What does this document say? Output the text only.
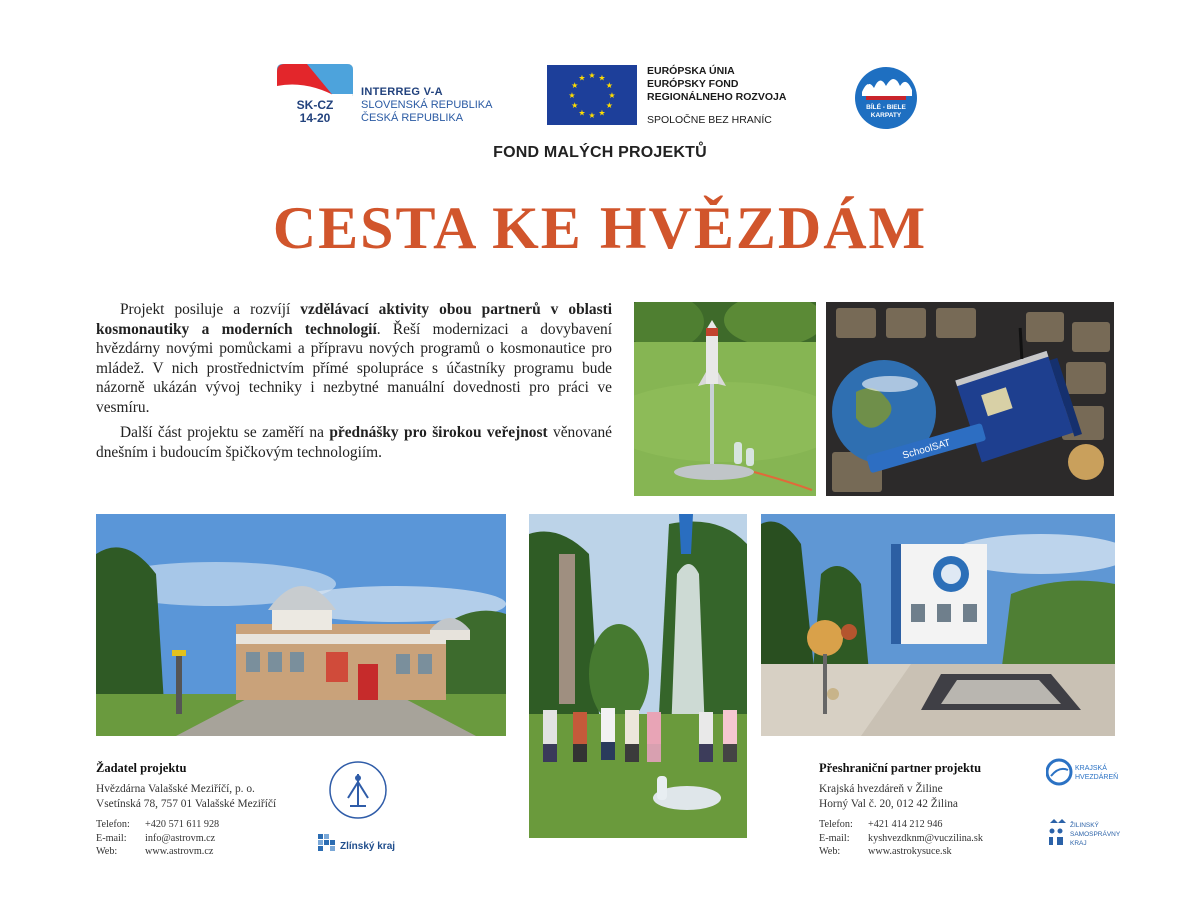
SK-CZ
14-20
INTERREG V-A
SLOVENSKÁ REPUBLIKA
ČESKÁ REPUBLIKA
★
★
★
★
★
★
★
★
★ ★ ★
★
EURÓPSKA ÚNIA
EURÓPSKY FOND
REGIONÁLNEHO ROZVOJA
SPOLOČNE BEZ HRANÍC
BÍLÉ - BIELE
KARPATY
FOND MALÝCH PROJEKTŮ
CESTA KE HVĚZDÁM

Projekt posiluje a rozvíjí vzdělávací aktivity obou partnerů v oblasti kosmonautiky a moderních technologií. Řeší modernizaci a dovybavení hvězdárny novými pomůckami a přípravu nových programů o kosmonautice pro mládež. V nich prostřednictvím přímé spolupráce s účastníky programu bude názorně ukázán vývoj techniky i nezbytné manuální dovednosti pro práci ve vesmíru.

Další část projektu se zaměří na přednášky pro širokou veřejnost věnované dnešním i budoucím špičkovým technologiím.	SchoolSAT
Žadatel projektu
Hvězdárna Valašské Meziříčí, p. o.
Vsetínská 78, 757 01 Valašské Meziříčí
Telefon: +420 571 611 928
E-mail: info@astrovm.cz
Web:	www.astrovm.cz	Zlínský kraj
Přeshraniční partner projektu
Krajská hvezdáreň v Žiline
Horný Val č. 20, 012 42 Žilina
Telefon: +421 414 212 946
E-mail: kyshvezdknm@vuczilina.sk
Web:	www.astrokysuce.sk
KRAJSKÁ
HVEZDÁREŇ
ŽILINSKÝ
SAMOSPRÁVNY
KRAJ
